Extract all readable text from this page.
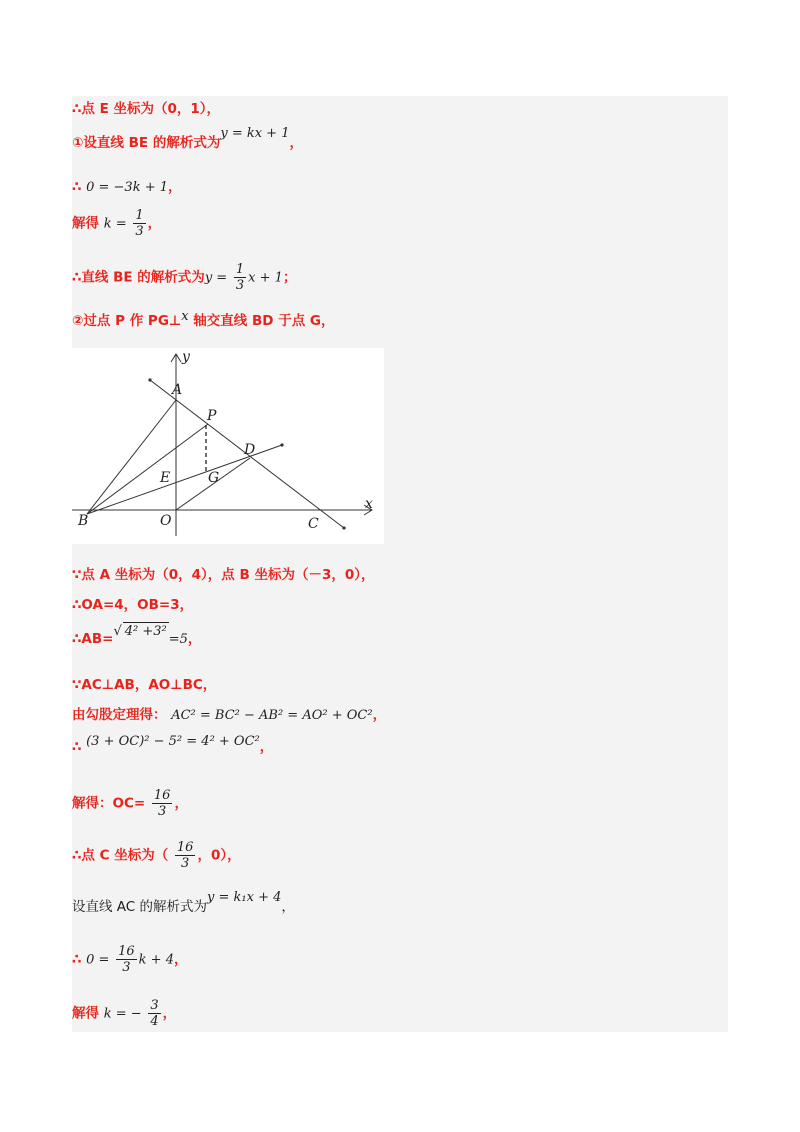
∴点 E 坐标为（0，1），
①设直线 BE 的解析式为y = kx + 1，
∴ 0 = −3k + 1，
解得 $k = \frac{1}{3}$ ，
∴直线 BE 的解析式为$y = \frac{1}{3}$ x + 1；
②过点 P 作 PG⊥x 轴交直线 BD 于点 G，
y
x
A
P
D
E	G
B	O	C
∵点 A 坐标为（0，4），点 B 坐标为（－3，0），
∴OA=4，OB=3，
∴AB=√ 4² +3²=5，
∵AC⊥AB，AO⊥BC，
由勾股定理得： AC² = BC² − AB² = AO² + OC²，
∴ (3 + OC)² − 5² = 4² + OC²，
解得：$OC= \frac{16}{3}$ ，
∴点 C 坐标为（ $\frac{16}{3}$ ，0），
设直线 AC 的解析式为y = k₁x + 4，
∴ $0 = \frac{16}{3}$ k + 4，
解得 k = − $\frac{3}{4}$ ，
